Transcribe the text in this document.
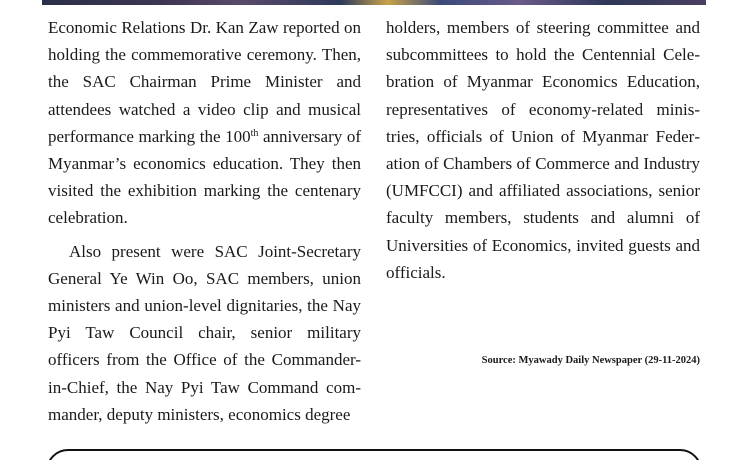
Economic Relations Dr. Kan Zaw reported on holding the commemorative ceremony. Then, the SAC Chairman Prime Minister and attendees watched a video clip and musical performance marking the 100th anniversary of Myanmar’s economics education. They then visited the exhibition marking the centenary celebration.

Also present were SAC Joint-Secretary General Ye Win Oo, SAC members, union ministers and union-level dignitaries, the Nay Pyi Taw Council chair, senior military officers from the Office of the Commander-in-Chief, the Nay Pyi Taw Command commander, deputy ministers, economics degree

holders, members of steering committee and subcommittees to hold the Centennial Celebration of Myanmar Economics Education, representatives of economy-related ministries, officials of Union of Myanmar Federation of Chambers of Commerce and Industry (UMFCCI) and affiliated associations, senior faculty members, students and alumni of Universities of Economics, invited guests and officials.

Source: Myawady Daily Newspaper (29-11-2024)
